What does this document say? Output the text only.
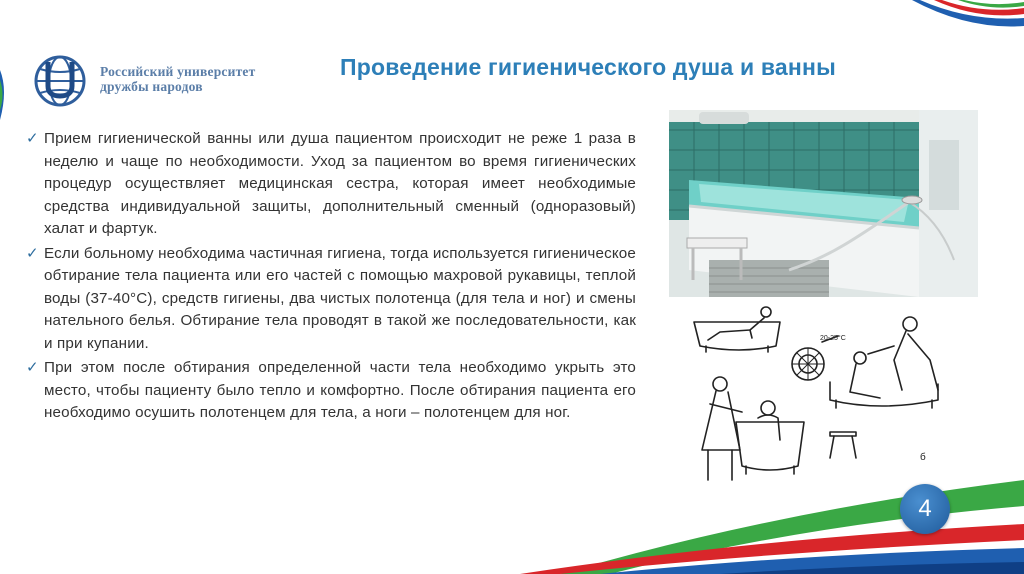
Российский университет
дружбы народов
Проведение гигиенического душа и ванны
✓ Прием гигиенической ванны или душа пациентом происходит не реже 1 раза в неделю и чаще по необходимости. Уход за пациентом во время гигиенических процедур осуществляет медицинская сестра, которая имеет необходимые средства индивидуальной защиты, дополнительный сменный (одноразовый) халат и фартук.
✓ Если больному необходима частичная гигиена, тогда используется гигиеническое обтирание тела пациента или его частей с помощью махровой рукавицы, теплой воды (37-40°С), средств гигиены, два чистых полотенца (для тела и ног) и смены нательного белья. Обтирание тела проводят в такой же последовательности, как и при купании.
✓ При этом после обтирания определенной части тела необходимо укрыть это место, чтобы пациенту было тепло и комфортно. После обтирания пациента его необходимо осушить полотенцем для тела, а ноги – полотенцем для ног.
20-25°C
б
4
